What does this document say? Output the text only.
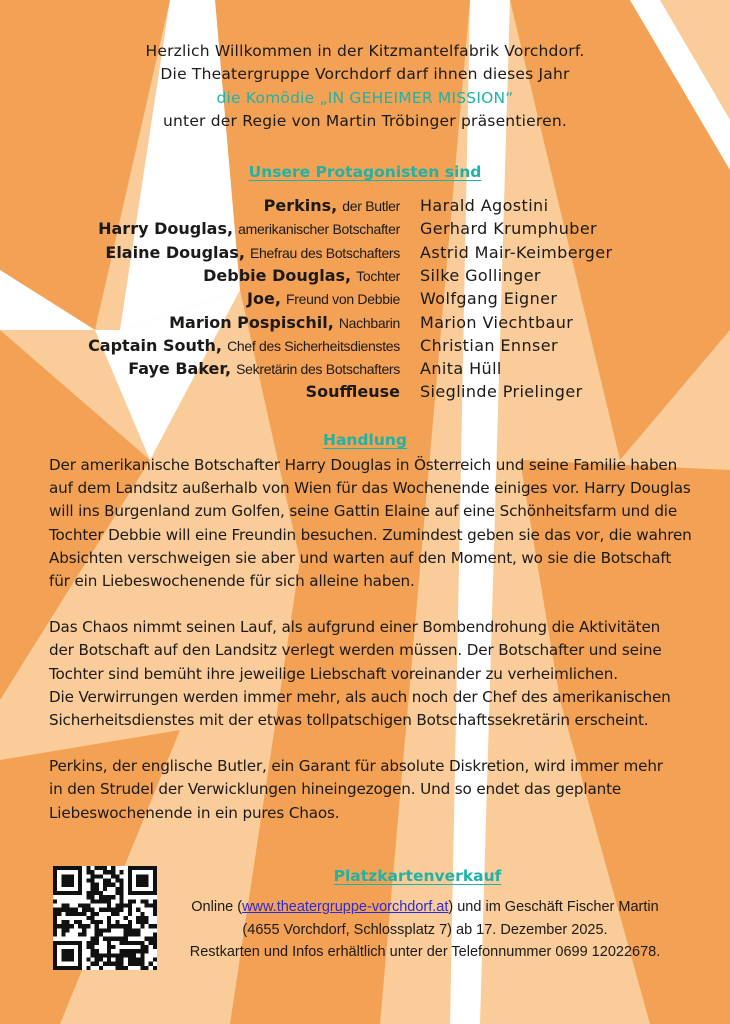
Herzlich Willkommen in der Kitzmantelfabrik Vorchdorf.
Die Theatergruppe Vorchdorf darf ihnen dieses Jahr
die Komödie „IN GEHEIMER MISSION“
unter der Regie von Martin Tröbinger präsentieren.
Unsere Protagonisten sind
Perkins, der Butler Harald Agostini
Harry Douglas, amerikanischer Botschafter Gerhard Krumphuber
Elaine Douglas, Ehefrau des Botschafters Astrid Mair-Keimberger
Debbie Douglas, Tochter Silke Gollinger
Joe, Freund von Debbie Wolfgang Eigner
Marion Pospischil, Nachbarin Marion Viechtbaur
Captain South, Chef des Sicherheitsdienstes Christian Ennser
Faye Baker, Sekretärin des Botschafters Anita Hüll
Souffleuse Sieglinde Prielinger
Handlung

Der amerikanische Botschafter Harry Douglas in Österreich und seine Familie haben
auf dem Landsitz außerhalb von Wien für das Wochenende einiges vor. Harry Douglas
will ins Burgenland zum Golfen, seine Gattin Elaine auf eine Schönheitsfarm und die
Tochter Debbie will eine Freundin besuchen. Zumindest geben sie das vor, die wahren
Absichten verschweigen sie aber und warten auf den Moment, wo sie die Botschaft
für ein Liebeswochenende für sich alleine haben.

Das Chaos nimmt seinen Lauf, als aufgrund einer Bombendrohung die Aktivitäten
der Botschaft auf den Landsitz verlegt werden müssen. Der Botschafter und seine
Tochter sind bemüht ihre jeweilige Liebschaft voreinander zu verheimlichen.
Die Verwirrungen werden immer mehr, als auch noch der Chef des amerikanischen
Sicherheitsdienstes mit der etwas tollpatschigen Botschaftssekretärin erscheint.

Perkins, der englische Butler, ein Garant für absolute Diskretion, wird immer mehr
in den Strudel der Verwicklungen hineingezogen. Und so endet das geplante
Liebeswochenende in ein pures Chaos.

Platzkartenverkauf
Online (www.theatergruppe-vorchdorf.at) und im Geschäft Fischer Martin
(4655 Vorchdorf, Schlossplatz 7) ab 17. Dezember 2025.
Restkarten und Infos erhältlich unter der Telefonnummer 0699 12022678.
